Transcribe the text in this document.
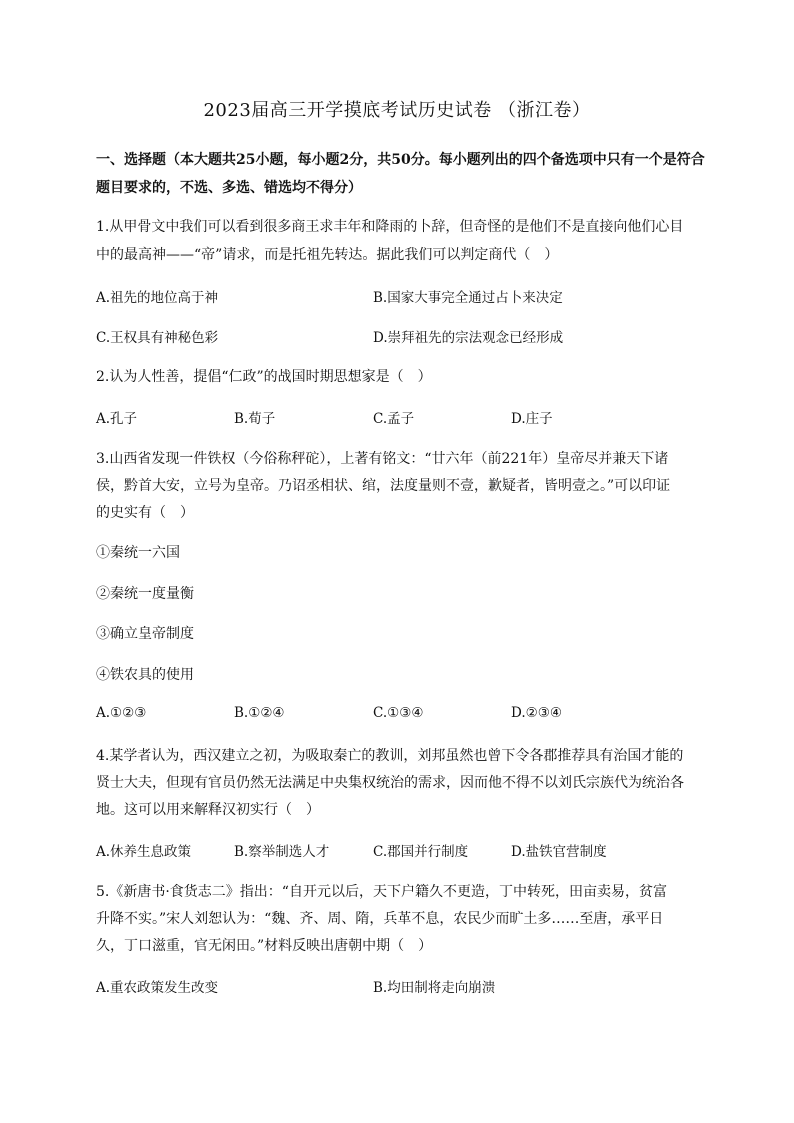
2023届高三开学摸底考试历史试卷 （浙江卷）
一、选择题（本大题共25小题，每小题2分，共50分。每小题列出的四个备选项中只有一个是符合题目要求的，不选、多选、错选均不得分）
1.从甲骨文中我们可以看到很多商王求丰年和降雨的卜辞，但奇怪的是他们不是直接向他们心目
中的最高神——“帝”请求，而是托祖先转达。据此我们可以判定商代（　）
A.祖先的地位高于神	B.国家大事完全通过占卜来决定
C.王权具有神秘色彩	D.崇拜祖先的宗法观念已经形成
2.认为人性善，提倡“仁政”的战国时期思想家是（　）
A.孔子	B.荀子	C.孟子	D.庄子
3.山西省发现一件铁权（今俗称秤砣），上著有铭文：“廿六年（前221年）皇帝尽并兼天下诸
侯，黔首大安，立号为皇帝。乃诏丞相状、绾，法度量则不壹，歉疑者，皆明壹之。”可以印证
的史实有（　）
①秦统一六国
②秦统一度量衡
③确立皇帝制度
④铁农具的使用
A.①②③	B.①②④	C.①③④	D.②③④
4.某学者认为，西汉建立之初，为吸取秦亡的教训，刘邦虽然也曾下令各郡推荐具有治国才能的
贤士大夫，但现有官员仍然无法满足中央集权统治的需求，因而他不得不以刘氏宗族代为统治各
地。这可以用来解释汉初实行（　）
A.休养生息政策	B.察举制选人才	C.郡国并行制度	D.盐铁官营制度
5.《新唐书·食货志二》指出：“自开元以后，天下户籍久不更造，丁中转死，田亩卖易，贫富
升降不实。”宋人刘恕认为：“魏、齐、周、隋，兵革不息，农民少而旷土多……至唐，承平日
久，丁口滋重，官无闲田。”材料反映出唐朝中期（　）
A.重农政策发生改变	B.均田制将走向崩溃
